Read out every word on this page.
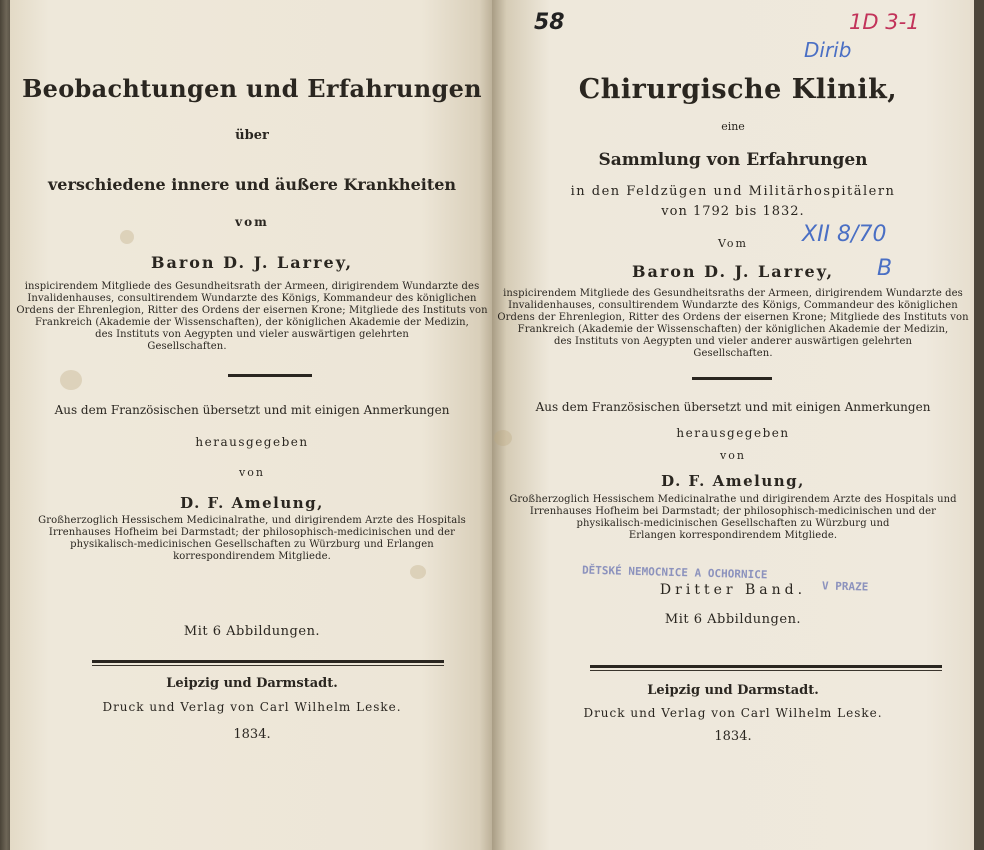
Beobachtungen und Erfahrungen
über
verschiedene innere und äußere Krankheiten
vom
Baron D. J. Larrey,
inspicirendem Mitgliede des Gesundheitsrath der Armeen, dirigirendem Wundarzte des
Invalidenhauses, consultirendem Wundarzte des Königs, Kommandeur des königlichen
Ordens der Ehrenlegion, Ritter des Ordens der eisernen Krone; Mitgliede des Instituts von
Frankreich (Akademie der Wissenschaften), der königlichen Akademie der Medizin,
des Instituts von Aegypten und vieler auswärtigen gelehrten
Gesellschaften.
Aus dem Französischen übersetzt und mit einigen Anmerkungen
herausgegeben
von
D. F. Amelung,
Großherzoglich Hessischem Medicinalrathe, und dirigirendem Arzte des Hospitals
Irrenhauses Hofheim bei Darmstadt; der philosophisch-medicinischen und der
physikalisch-medicinischen Gesellschaften zu Würzburg und Erlangen
korrespondirendem Mitgliede.
Mit 6 Abbildungen.
Leipzig und Darmstadt.
Druck und Verlag von Carl Wilhelm Leske.
1834.
58	1D 3-1
Dirib
Chirurgische Klinik,
eine
Sammlung von Erfahrungen
in den Feldzügen und Militärhospitälern
von 1792 bis 1832.
Vom	XII 8/70
B
Baron D. J. Larrey,
inspicirendem Mitgliede des Gesundheitsraths der Armeen, dirigirendem Wundarzte des
Invalidenhauses, consultirendem Wundarzte des Königs, Commandeur des königlichen
Ordens der Ehrenlegion, Ritter des Ordens der eisernen Krone; Mitgliede des Instituts von
Frankreich (Akademie der Wissenschaften) der königlichen Akademie der Medizin,
des Instituts von Aegypten und vieler anderer auswärtigen gelehrten
Gesellschaften.
Aus dem Französischen übersetzt und mit einigen Anmerkungen
herausgegeben
von
D. F. Amelung,
Großherzoglich Hessischem Medicinalrathe und dirigirendem Arzte des Hospitals und
Irrenhauses Hofheim bei Darmstadt; der philosophisch-medicinischen und der
physikalisch-medicinischen Gesellschaften zu Würzburg und
Erlangen korrespondirendem Mitgliede.
DĚTSKÉ NEMOCNICE A OCHORNICE
V PRAZE
Dritter Band.
Mit 6 Abbildungen.
Leipzig und Darmstadt.
Druck und Verlag von Carl Wilhelm Leske.
1834.
